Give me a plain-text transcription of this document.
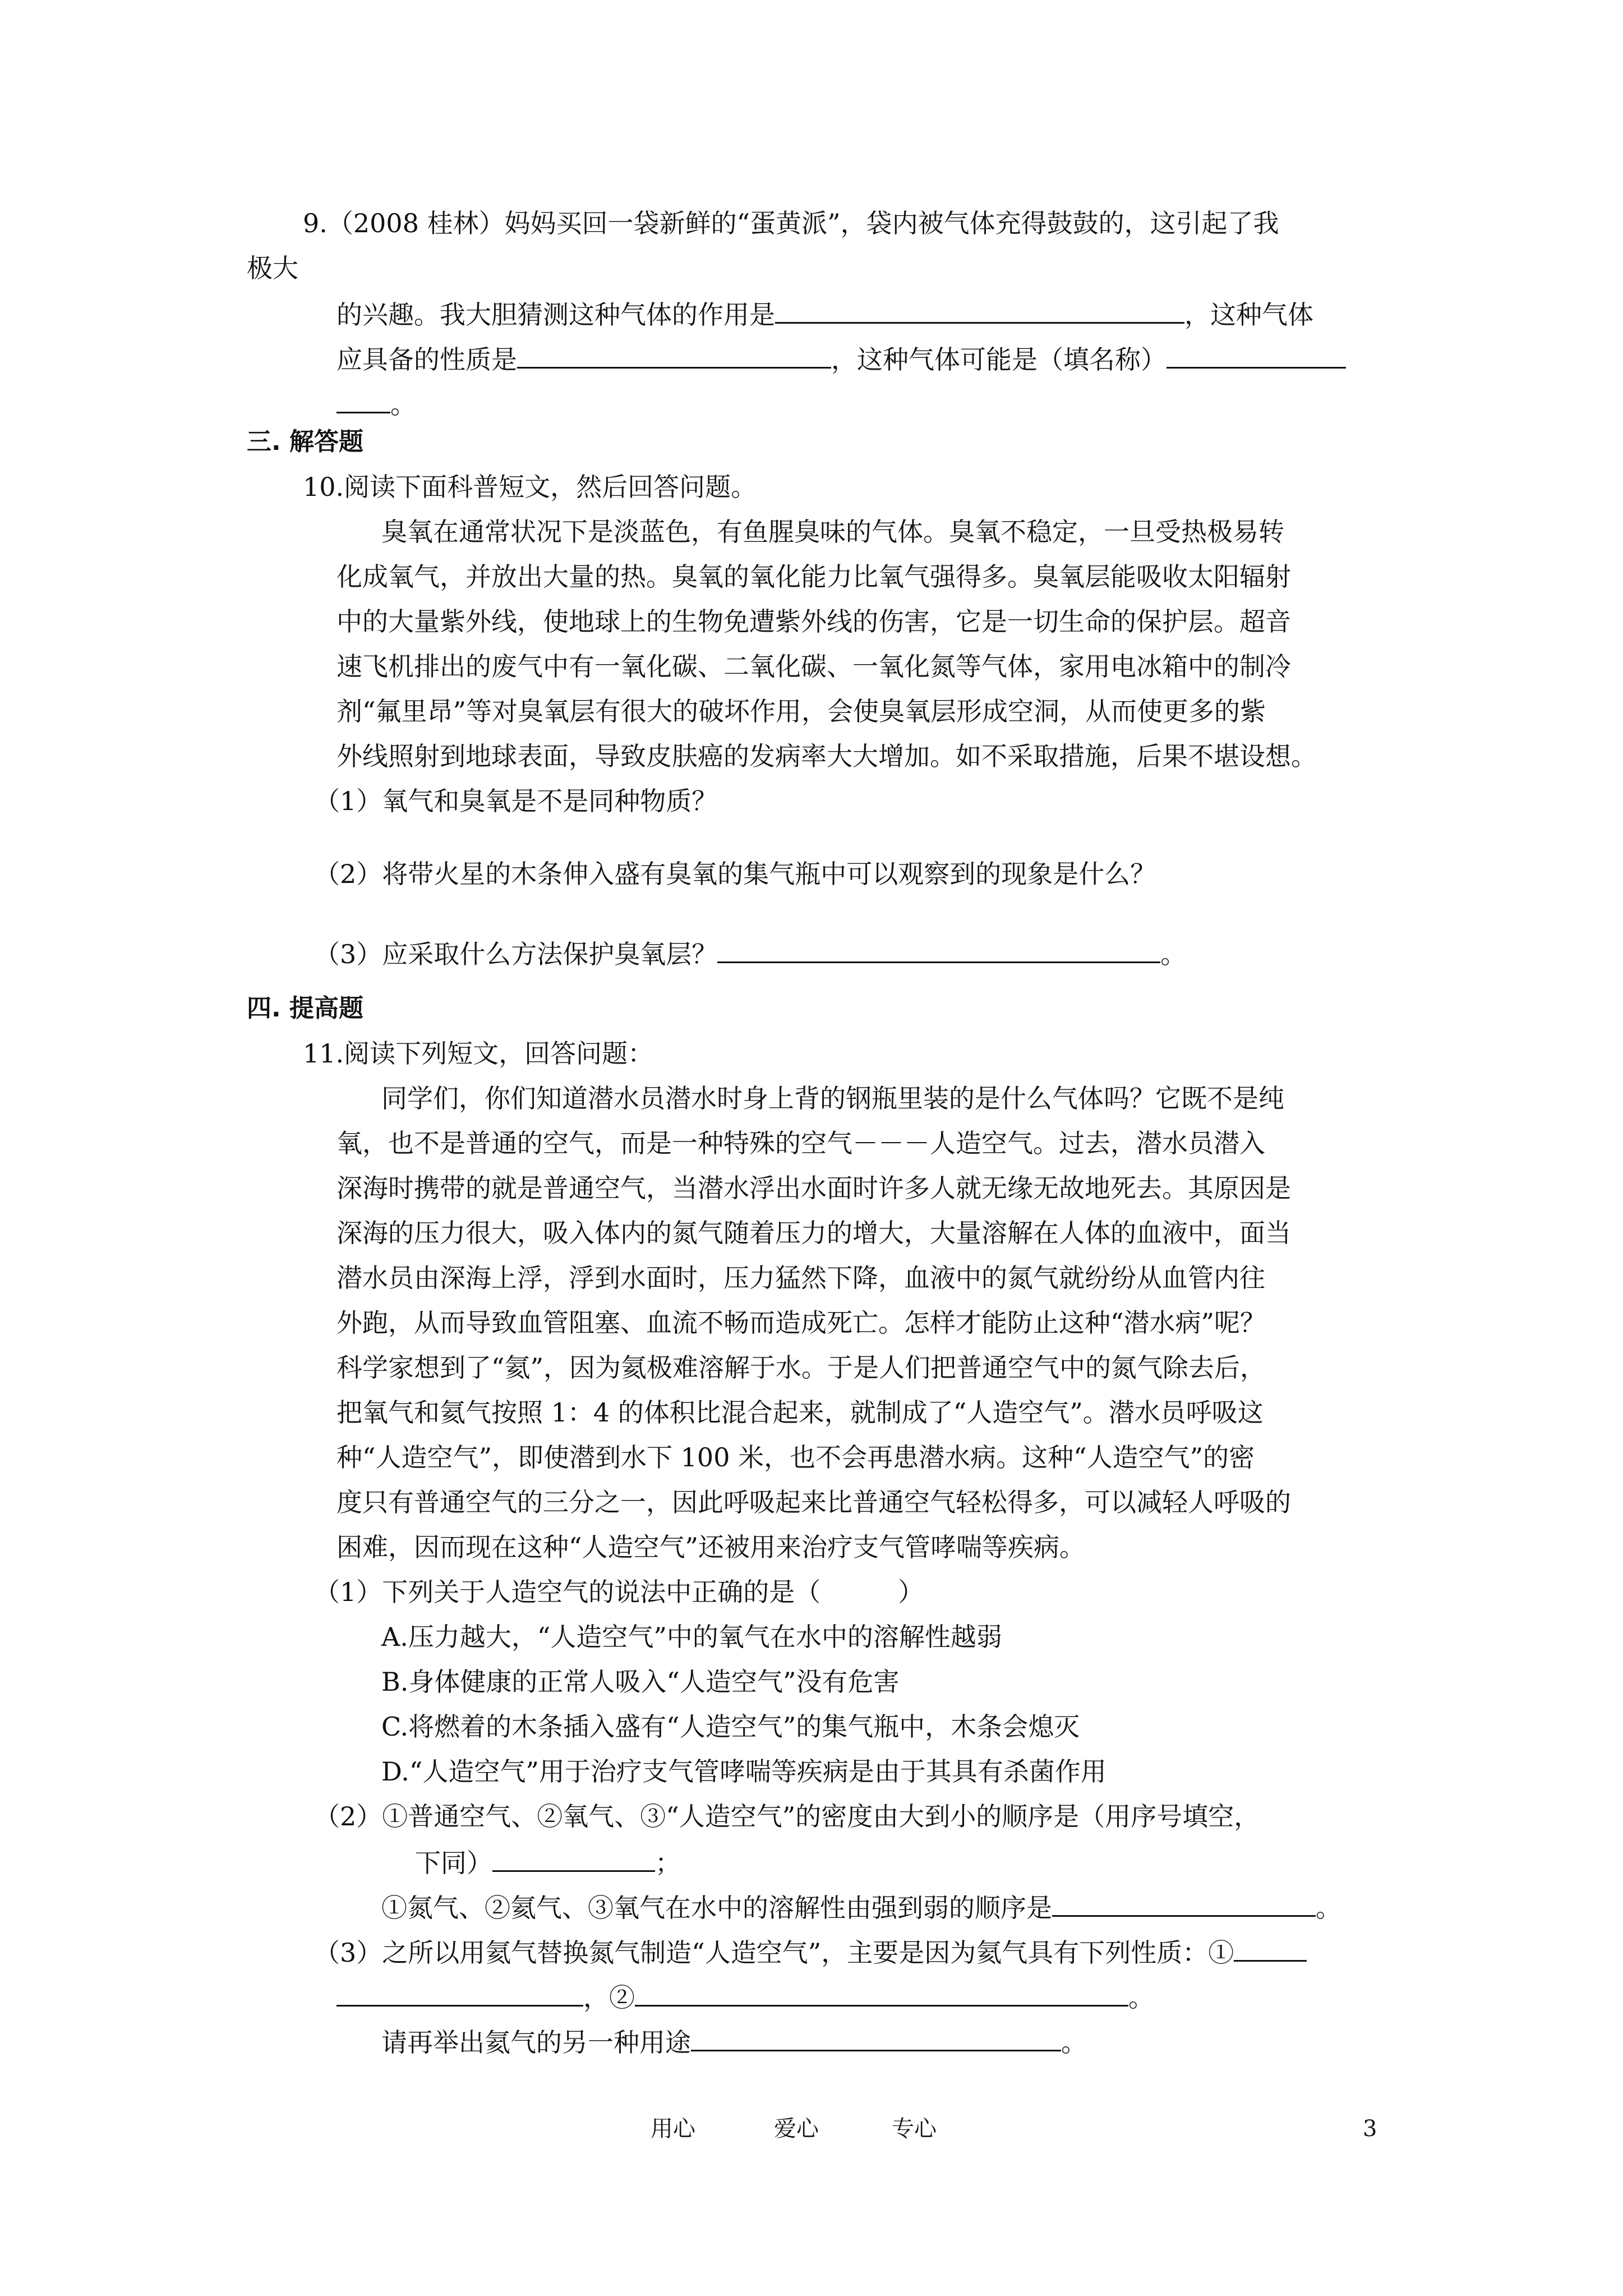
9.（2008 桂林）妈妈买回一袋新鲜的“蛋黄派”，袋内被气体充得鼓鼓的，这引起了我
极大
的兴趣。我大胆猜测这种气体的作用是	，这种气体
应具备的性质是	，这种气体可能是（填名称）
。
三. 解答题
10.阅读下面科普短文，然后回答问题。
臭氧在通常状况下是淡蓝色，有鱼腥臭味的气体。臭氧不稳定，一旦受热极易转
化成氧气，并放出大量的热。臭氧的氧化能力比氧气强得多。臭氧层能吸收太阳辐射
中的大量紫外线，使地球上的生物免遭紫外线的伤害，它是一切生命的保护层。超音
速飞机排出的废气中有一氧化碳、二氧化碳、一氧化氮等气体，家用电冰箱中的制冷
剂“氟里昂”等对臭氧层有很大的破坏作用，会使臭氧层形成空洞，从而使更多的紫
外线照射到地球表面，导致皮肤癌的发病率大大增加。如不采取措施，后果不堪设想。
（1）氧气和臭氧是不是同种物质？
（2）将带火星的木条伸入盛有臭氧的集气瓶中可以观察到的现象是什么？
（3）应采取什么方法保护臭氧层？	。
四. 提高题
11.阅读下列短文，回答问题：
同学们，你们知道潜水员潜水时身上背的钢瓶里装的是什么气体吗？它既不是纯
氧，也不是普通的空气，而是一种特殊的空气－－－人造空气。过去，潜水员潜入
深海时携带的就是普通空气，当潜水浮出水面时许多人就无缘无故地死去。其原因是
深海的压力很大，吸入体内的氮气随着压力的增大，大量溶解在人体的血液中，面当
潜水员由深海上浮，浮到水面时，压力猛然下降，血液中的氮气就纷纷从血管内往
外跑，从而导致血管阻塞、血流不畅而造成死亡。怎样才能防止这种“潜水病”呢？
科学家想到了“氦”，因为氦极难溶解于水。于是人们把普通空气中的氮气除去后，
把氧气和氦气按照 1：4 的体积比混合起来，就制成了“人造空气”。潜水员呼吸这
种“人造空气”，即使潜到水下 100 米，也不会再患潜水病。这种“人造空气”的密
度只有普通空气的三分之一，因此呼吸起来比普通空气轻松得多，可以减轻人呼吸的
困难，因而现在这种“人造空气”还被用来治疗支气管哮喘等疾病。
（1）下列关于人造空气的说法中正确的是（　　　）
A.压力越大，“人造空气”中的氧气在水中的溶解性越弱
B.身体健康的正常人吸入“人造空气”没有危害
C.将燃着的木条插入盛有“人造空气”的集气瓶中，木条会熄灭
D.“人造空气”用于治疗支气管哮喘等疾病是由于其具有杀菌作用
（2）①普通空气、②氧气、③“人造空气”的密度由大到小的顺序是（用序号填空，
下同）	；
①氮气、②氦气、③氧气在水中的溶解性由强到弱的顺序是	。
（3）之所以用氦气替换氮气制造“人造空气”，主要是因为氦气具有下列性质：①
，②	。
请再举出氦气的另一种用途	。
用心	爱心	专心	3
